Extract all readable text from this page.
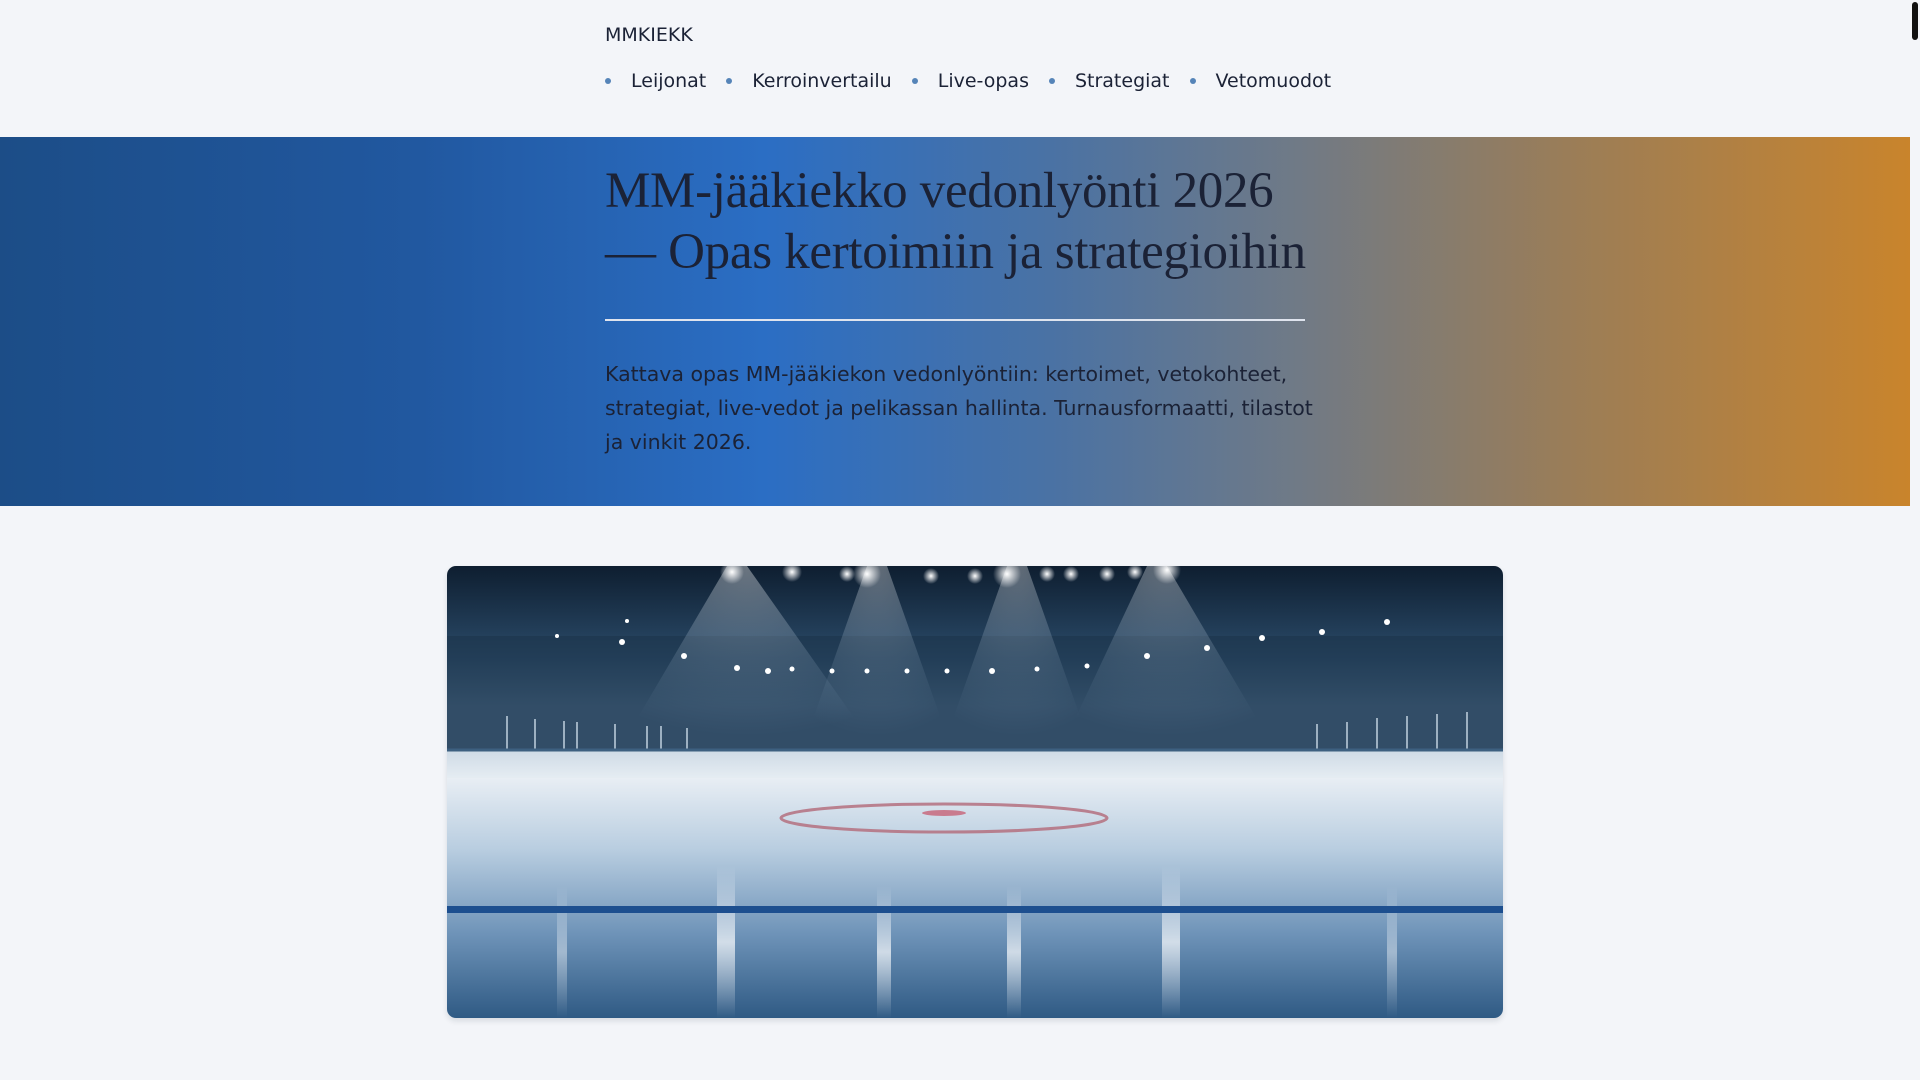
MMKIEKK
Leijonat Kerroinvertailu Live-opas Strategiat Vetomuodot
MM-jääkiekko vedonlyönti 2026
— Opas kertoimiin ja strategioihin

Kattava opas MM-jääkiekon vedonlyöntiin: kertoimet, vetokohteet, strategiat, live-vedot ja pelikassan hallinta. Turnausformaatti, tilastot ja vinkit 2026.
